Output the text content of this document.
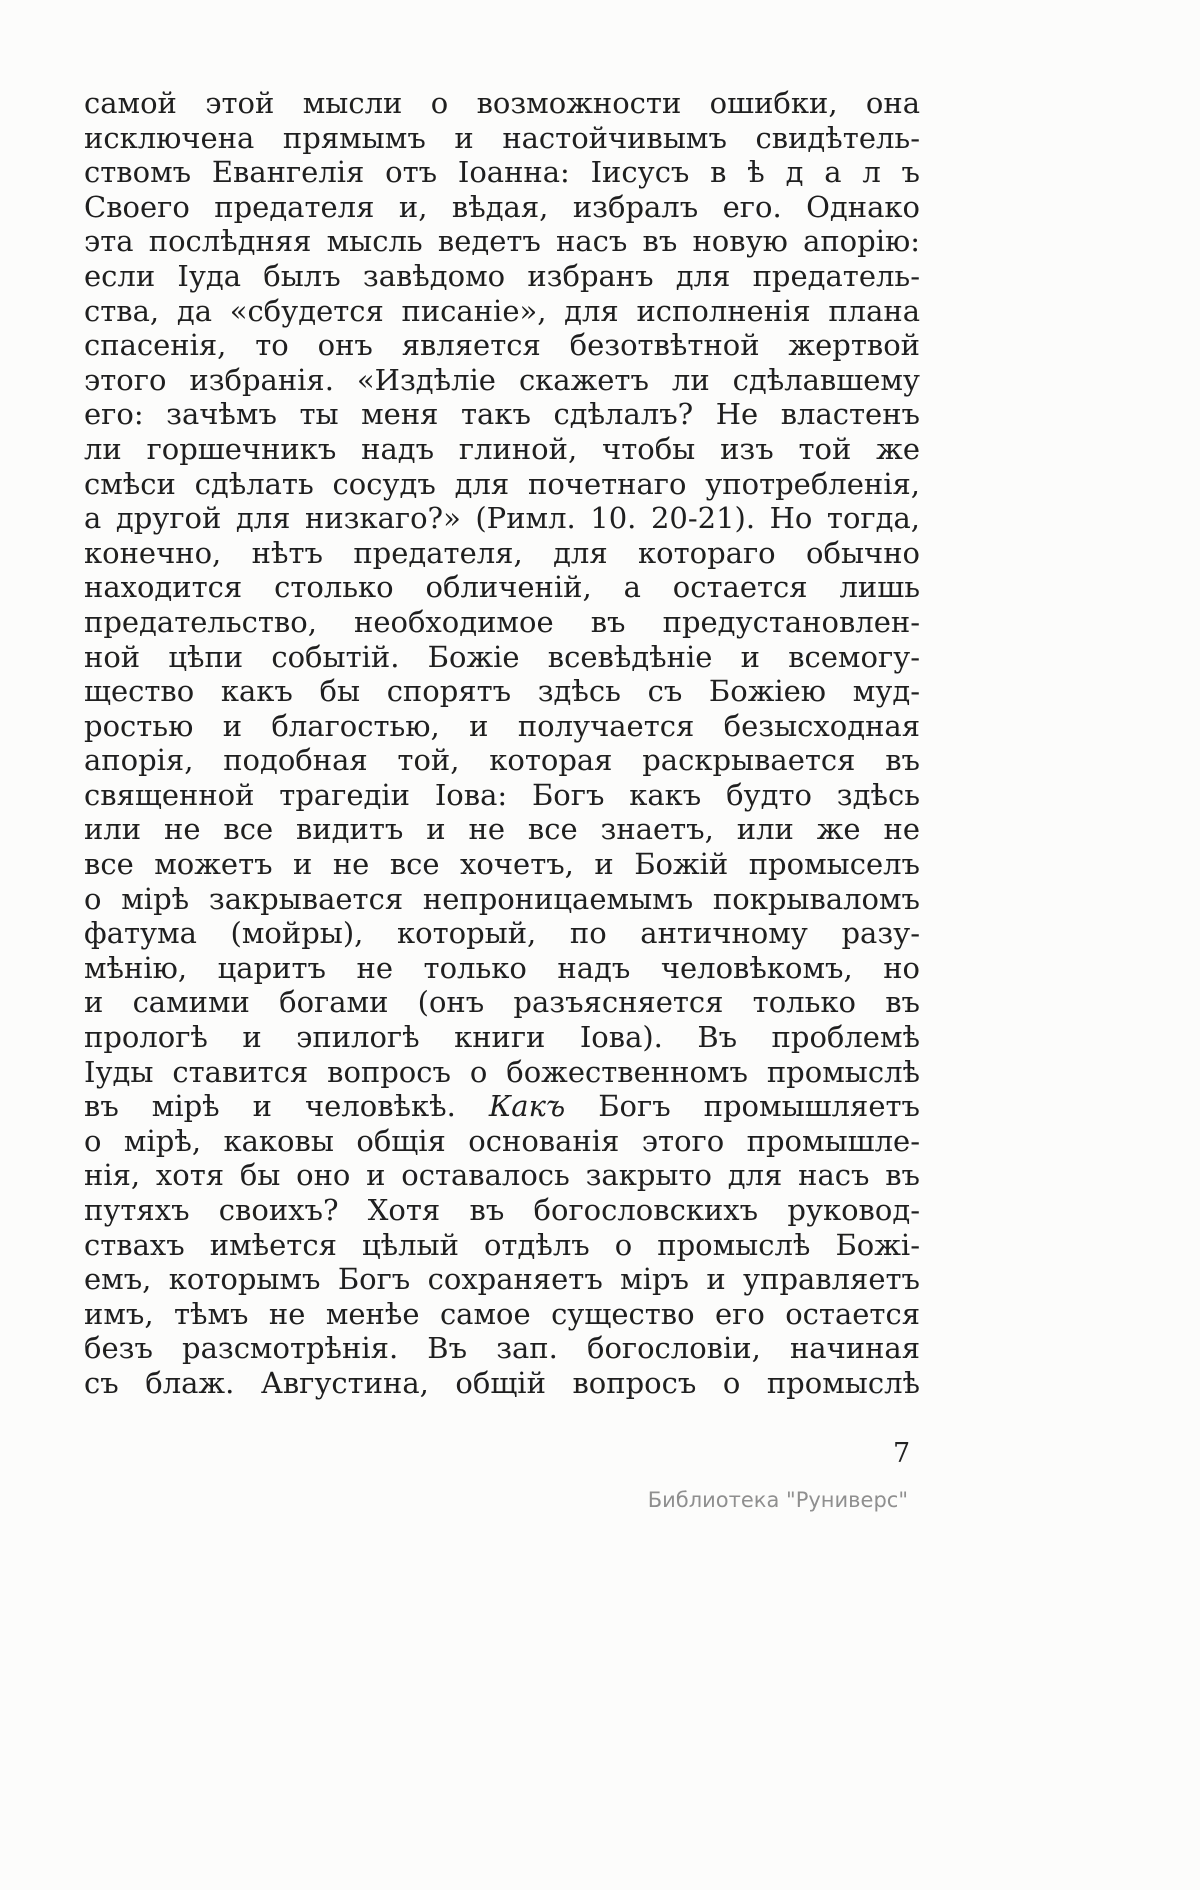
самой этой мысли о возможности ошибки, она
исключена прямымъ и настойчивымъ свидѣтель-
ствомъ Евангелія отъ Іоанна: Іисусъ в ѣ д а л ъ
Своего предателя и, вѣдая, избралъ его. Однако
эта послѣдняя мысль ведетъ насъ въ новую апорію:
если Іуда былъ завѣдомо избранъ для предатель-
ства, да «сбудется писаніе», для исполненія плана
спасенія, то онъ является безотвѣтной жертвой
этого избранія. «Издѣліе скажетъ ли сдѣлавшему
его: зачѣмъ ты меня такъ сдѣлалъ? Не властенъ
ли горшечникъ надъ глиной, чтобы изъ той же
смѣси сдѣлать сосудъ для почетнаго употребленія,
а другой для низкаго?» (Римл. 10. 20-21). Но тогда,
конечно, нѣтъ предателя, для котораго обычно
находится столько обличеній, а остается лишь
предательство, необходимое въ предустановлен-
ной цѣпи событій. Божіе всевѣдѣніе и всемогу-
щество какъ бы спорятъ здѣсь съ Божіею муд-
ростью и благостью, и получается безысходная
апорія, подобная той, которая раскрывается въ
священной трагедіи Іова: Богъ какъ будто здѣсь
или не все видитъ и не все знаетъ, или же не
все можетъ и не все хочетъ, и Божій промыселъ
о мірѣ закрывается непроницаемымъ покрываломъ
фатума (мойры), который, по античному разу-
мѣнію, царитъ не только надъ человѣкомъ, но
и самими богами (онъ разъясняется только въ
прологѣ и эпилогѣ книги Іова). Въ проблемѣ
Іуды ставится вопросъ о божественномъ промыслѣ
въ мірѣ и человѣкѣ. Какъ Богъ промышляетъ
о мірѣ, каковы общія основанія этого промышле-
нія, хотя бы оно и оставалось закрыто для насъ въ
путяхъ своихъ? Хотя въ богословскихъ руковод-
ствахъ имѣется цѣлый отдѣлъ о промыслѣ Божі-
емъ, которымъ Богъ сохраняетъ міръ и управляетъ
имъ, тѣмъ не менѣе самое существо его остается
безъ разсмотрѣнія. Въ зап. богословіи, начиная
съ блаж. Августина, общій вопросъ о промыслѣ
7
Библиотека "Руниверс"
